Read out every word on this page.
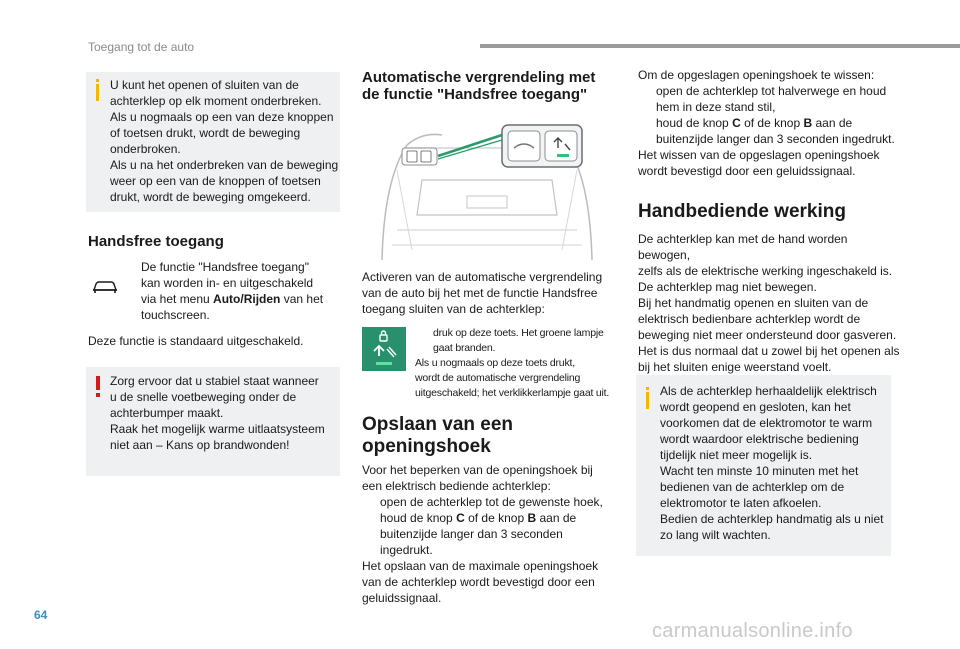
Toegang tot de auto

U kunt het openen of sluiten van de

achterklep op elk moment onderbreken.

Als u nogmaals op een van deze knoppen

of toetsen drukt, wordt de beweging

onderbroken.

Als u na het onderbreken van de beweging

weer op een van de knoppen of toetsen

drukt, wordt de beweging omgekeerd.

Handsfree toegang

De functie "Handsfree toegang"

kan worden in- en uitgeschakeld

via het menu Auto/Rijden van het

touchscreen.

Deze functie is standaard uitgeschakeld.

Zorg ervoor dat u stabiel staat wanneer

u de snelle voetbeweging onder de

achterbumper maakt.

Raak het mogelijk warme uitlaatsysteem

niet aan – Kans op brandwonden!

Automatische vergrendeling met
de functie "Handsfree toegang"

Activeren van de automatische vergrendeling

van de auto bij het met de functie Handsfree

toegang sluiten van de achterklep:

druk op deze toets. Het groene lampje

gaat branden.

Als u nogmaals op deze toets drukt,

wordt de automatische vergrendeling

uitgeschakeld; het verklikkerlampje gaat uit.

Opslaan van een
openingshoek

Voor het beperken van de openingshoek bij

een elektrisch bediende achterklep:

open de achterklep tot de gewenste hoek,

houd de knop C of de knop B aan de

buitenzijde langer dan 3 seconden

ingedrukt.

Het opslaan van de maximale openingshoek

van de achterklep wordt bevestigd door een

geluidssignaal.

Om de opgeslagen openingshoek te wissen:

open de achterklep tot halverwege en houd

hem in deze stand stil,

houd de knop C of de knop B aan de

buitenzijde langer dan 3 seconden ingedrukt.

Het wissen van de opgeslagen openingshoek

wordt bevestigd door een geluidssignaal.

Handbediende werking

De achterklep kan met de hand worden bewogen,

zelfs als de elektrische werking ingeschakeld is.

De achterklep mag niet bewegen.

Bij het handmatig openen en sluiten van de

elektrisch bedienbare achterklep wordt de

beweging niet meer ondersteund door gasveren.

Het is dus normaal dat u zowel bij het openen als

bij het sluiten enige weerstand voelt.

Als de achterklep herhaaldelijk elektrisch

wordt geopend en gesloten, kan het

voorkomen dat de elektromotor te warm

wordt waardoor elektrische bediening

tijdelijk niet meer mogelijk is.

Wacht ten minste 10 minuten met het

bedienen van de achterklep om de

elektromotor te laten afkoelen.

Bedien de achterklep handmatig als u niet

zo lang wilt wachten.

64
carmanualsonline.info
